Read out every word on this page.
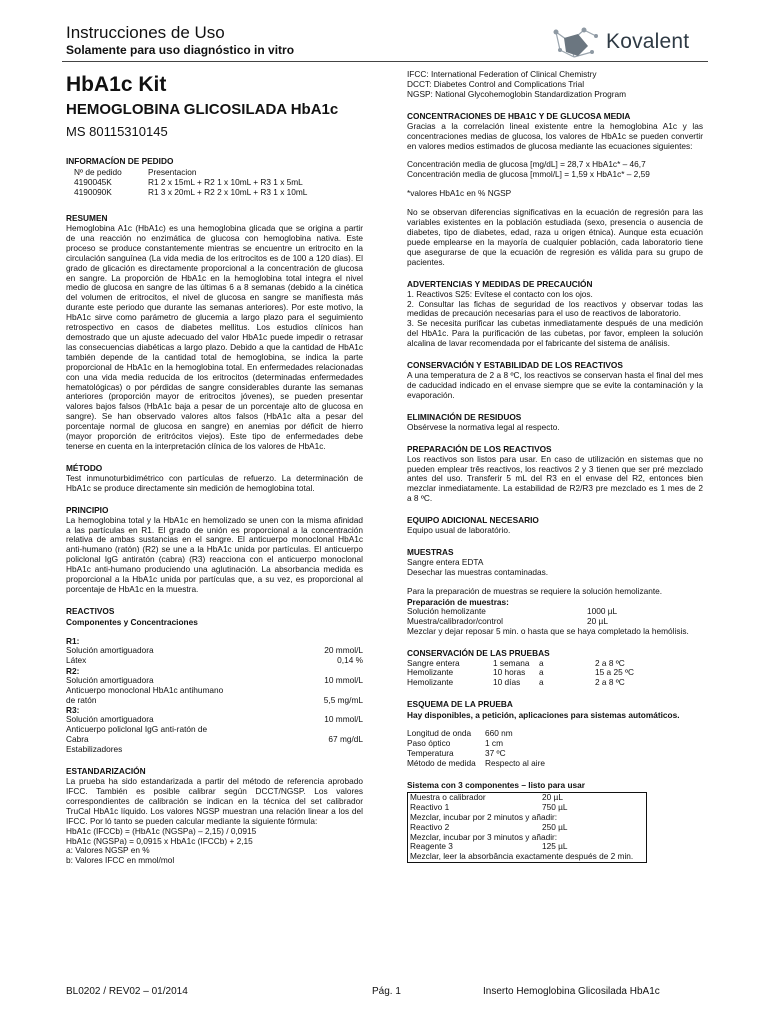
Instrucciones de Uso
Solamente para uso diagnóstico in vitro	Kovalent
HbA1c Kit
HEMOGLOBINA GLICOSILADA HbA1c
MS 80115310145
INFORMACÍON DE PEDIDO
Nº de pedido	Presentacion
4190045K	R1 2 x 15mL + R2 1 x 10mL + R3 1 x 5mL
4190090K	R1 3 x 20mL + R2 2 x 10mL + R3 1 x 10mL
RESUMEN

Hemoglobina A1c (HbA1c) es una hemoglobina glicada que se origina a partir de una reacción no enzimática de glucosa con hemoglobina nativa. Este proceso se produce constantemente mientras se encuentre un eritrocito en la circulación sanguínea (La vida media de los eritrocitos es de 100 a 120 días). El grado de glicación es directamente proporcional a la concentración de glucosa en sangre. La proporción de HbA1c en la hemoglobina total integra el nivel medio de glucosa en sangre de las últimas 6 a 8 semanas (debido a la cinética del volumen de eritrocitos, el nivel de glucosa en sangre se manifiesta más durante este periodo que durante las semanas anteriores). Por este motivo, la HbA1c sirve como parámetro de glucemia a largo plazo para el seguimiento retrospectivo en casos de diabetes mellitus. Los estudios clínicos han demostrado que un ajuste adecuado del valor HbA1c puede impedir o retrasar las consecuencias diabéticas a largo plazo. Debido a que la cantidad de HbA1c también depende de la cantidad total de hemoglobina, se indica la parte proporcional de HbA1c en la hemoglobina total. En enfermedades relacionadas con una vida media reducida de los eritrocitos (determinadas enfermedades hematológicas) o por pérdidas de sangre considerables durante las semanas anteriores (proporción mayor de eritrocitos jóvenes), se pueden presentar valores bajos falsos (HbA1c baja a pesar de un porcentaje alto de glucosa en sangre). Se han observado valores altos falsos (HbA1c alta a pesar del porcentaje normal de glucosa en sangre) en anemias por déficit de hierro (mayor proporción de eritrócitos viejos). Este tipo de enfermedades debe tenerse en cuenta en la interpretación clínica de los valores de HbA1c.

MÉTODO

Test inmunoturbidimétrico con partículas de refuerzo. La determinación de HbA1c se produce directamente sin medición de hemoglobina total.

PRINCIPIO

La hemoglobina total y la HbA1c en hemolizado se unen con la misma afinidad a las partículas en R1. El grado de unión es proporcional a la concentración relativa de ambas sustancias en el sangre. El anticuerpo monoclonal HbA1c anti-humano (ratón) (R2) se une a la HbA1c unida por partículas. El anticuerpo policlonal IgG antiratón (cabra) (R3) reacciona con el anticuerpo monoclonal HbA1c anti-humano produciendo una aglutinación. La absorbancia medida es proporcional a la HbA1c unida por partículas que, a su vez, es proporcional al porcentaje de HbA1c en la muestra.

REACTIVOS
Componentes y Concentraciones
R1:
Solución amortiguadora	20 mmol/L
Látex	0,14 %
R2:
Solución amortiguadora	10 mmol/L
Anticuerpo monoclonal HbA1c antihumano
de ratón	5,5 mg/mL
R3:
Solución amortiguadora	10 mmol/L
Anticuerpo policlonal IgG anti-ratón de
Cabra	67 mg/dL
Estabilizadores
ESTANDARIZACIÓN

La prueba ha sido estandarizada a partir del método de referencia aprobado IFCC. También es posible calibrar según DCCT/NGSP. Los valores correspondientes de calibración se indican en la técnica del set calibrador TruCal HbA1c líquido. Los valores NGSP muestran una relación linear a los del IFCC. Por ló tanto se pueden calcular mediante la siguiente fórmula:

HbA1c (IFCCb) = (HbA1c (NGSPa) – 2,15) / 0,0915
HbA1c (NGSPa) = 0,0915 x HbA1c (IFCCb) + 2,15
a: Valores NGSP en %
b: Valores IFCC en mmol/mol
IFCC: International Federation of Clinical Chemistry
DCCT: Diabetes Control and Complications Trial
NGSP: National Glycohemoglobin Standardization Program
CONCENTRACIONES DE HBA1C Y DE GLUCOSA MEDIA

Gracias a la correlación lineal existente entre la hemoglobina A1c y las concentraciones medias de glucosa, los valores de HbA1c se pueden convertir en valores medios estimados de glucosa mediante las ecuaciones siguientes:

Concentración media de glucosa [mg/dL] = 28,7 x HbA1c* – 46,7
Concentración media de glucosa [mmol/L] = 1,59 x HbA1c* – 2,59
*valores HbA1c en % NGSP

No se observan diferencias significativas en la ecuación de regresión para las variables existentes en la población estudiada (sexo, presencia o ausencia de diabetes, tipo de diabetes, edad, raza u origen étnica). Aunque esta ecuación puede emplearse en la mayoría de cualquier población, cada laboratorio tiene que asegurarse de que la ecuación de regresión es válida para su grupo de pacientes.

ADVERTENCIAS Y MEDIDAS DE PRECAUCIÓN

1. Reactivos S25: Evítese el contacto con los ojos.

2. Consultar las fichas de seguridad de los reactivos y observar todas las medidas de precaución necesarias para el uso de reactivos de laboratorio.

3. Se necesita purificar las cubetas inmediatamente después de una medición del HbA1c. Para la purificación de las cubetas, por favor, empleen la solución alcalina de lavar recomendada por el fabricante del sistema de análisis.

CONSERVACIÓN Y ESTABILIDAD DE LOS REACTIVOS

A una temperatura de 2 a 8 ºC, los reactivos se conservan hasta el final del mes de caducidad indicado en el envase siempre que se evite la contaminación y la evaporación.

ELIMINACIÓN DE RESIDUOS

Obsérvese la normativa legal al respecto.

PREPARACIÓN DE LOS REACTIVOS

Los reactivos son listos para usar. En caso de utilización en sistemas que no pueden emplear três reactivos, los reactivos 2 y 3 tienen que ser pré mezclado antes del uso. Transferir 5 mL del R3 en el envase del R2, entonces bien mezclar inmediatamente. La estabilidad de R2/R3 pre mezclado es 1 mes de 2 a 8 ºC.

EQUIPO ADICIONAL NECESARIO

Equipo usual de laboratório.

MUESTRAS
Sangre entera EDTA
Desechar las muestras contaminadas.
Para la preparación de muestras se requiere la solución hemolizante.
Preparación de muestras:
Solución hemolizante	1000 µL
Muestra/calibrador/control	20 µL

Mezclar y dejar reposar 5 min. o hasta que se haya completado la hemólisis.

CONSERVACIÓN DE LAS PRUEBAS
Sangre entera	1 semana	a	2 a 8 ºC
Hemolizante	10 horas	a	15 a 25 ºC
Hemolizante	10 días	a	2 a 8 ºC
ESQUEMA DE LA PRUEBA
Hay disponibles, a petición, aplicaciones para sistemas automáticos.
Longitud de onda	660 nm
Paso óptico	1 cm
Temperatura	37 ºC
Método de medida	Respecto al aire
Sistema con 3 componentes – listo para usar
Muestra o calibrador	20 µL
Reactivo 1	750 µL
Mezclar, incubar por 2 minutos y añadir:
Reactivo 2	250 µL
Mezclar, incubar por 3 minutos y añadir:
Reagente 3	125 µL
Mezclar, leer la absorbância exactamente después de 2 min.
BL0202 / REV02 – 01/2014	Pág. 1	Inserto Hemoglobina Glicosilada HbA1c
